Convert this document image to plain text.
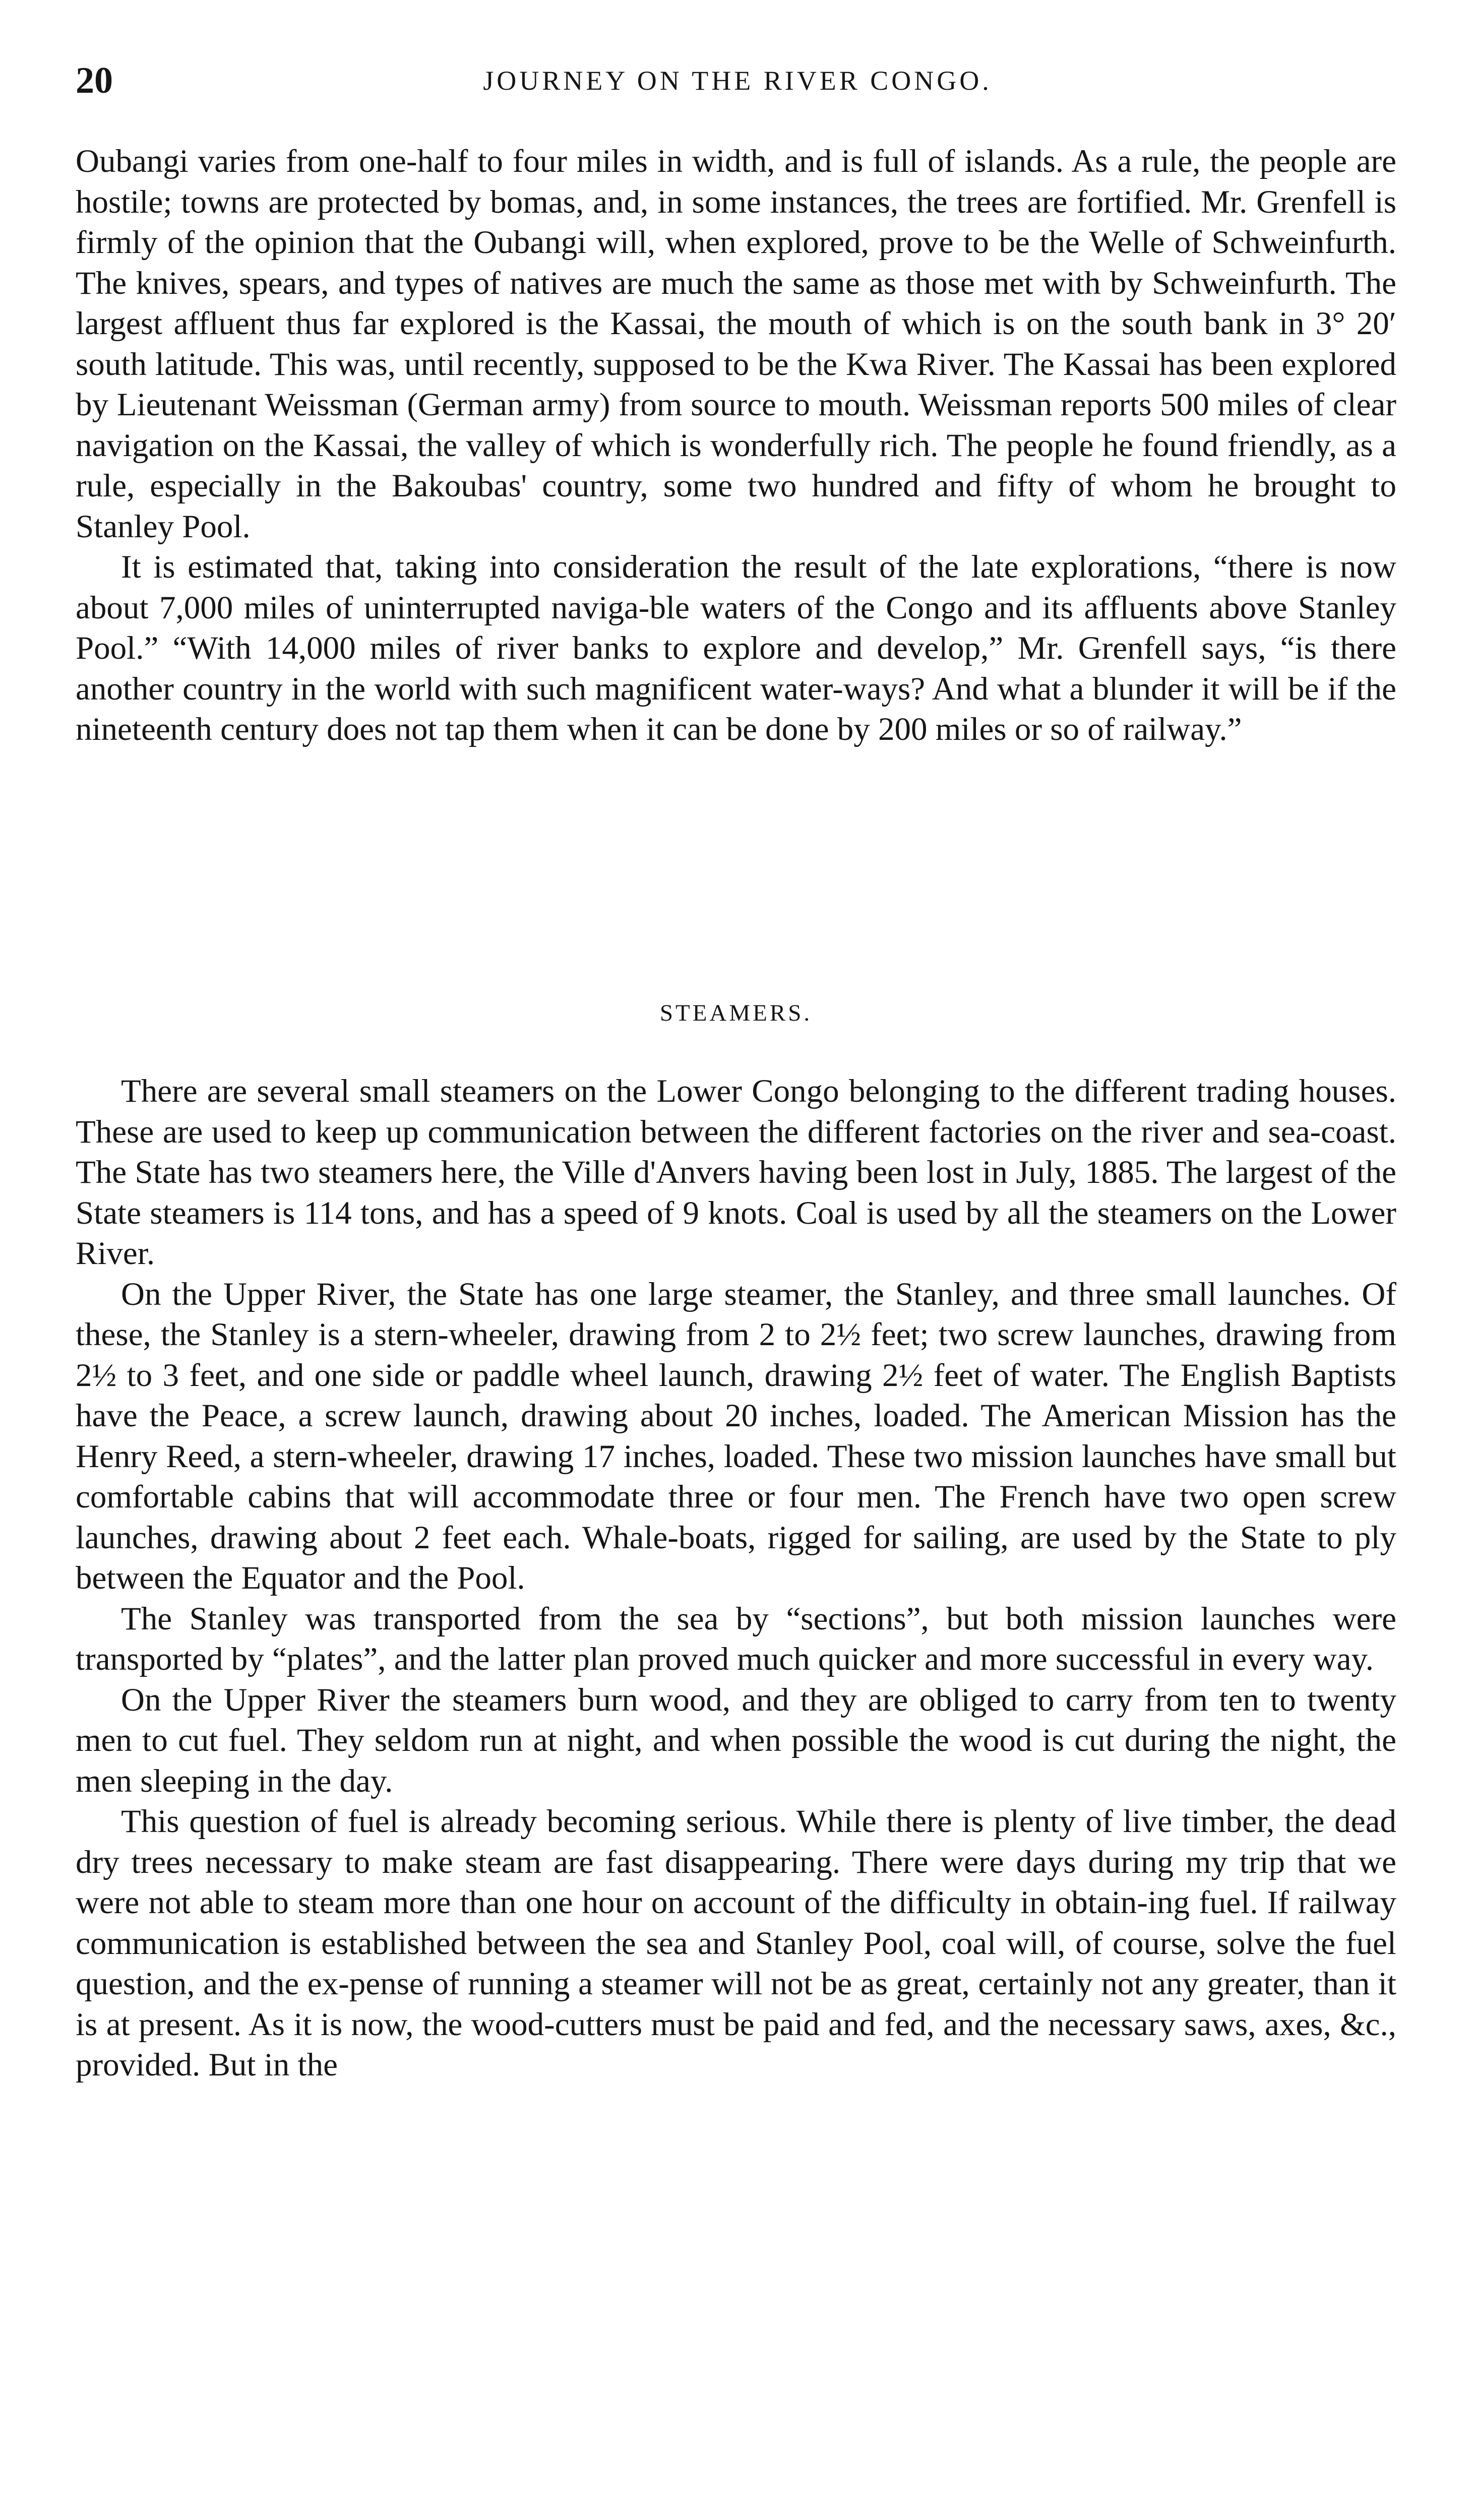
20	JOURNEY ON THE RIVER CONGO.

Oubangi varies from one-half to four miles in width, and is full of islands. As a rule, the people are hostile; towns are protected by bomas, and, in some instances, the trees are fortified. Mr. Grenfell is firmly of the opinion that the Oubangi will, when explored, prove to be the Welle of Schweinfurth. The knives, spears, and types of natives are much the same as those met with by Schweinfurth. The largest affluent thus far explored is the Kassai, the mouth of which is on the south bank in 3° 20′ south latitude. This was, until recently, supposed to be the Kwa River. The Kassai has been explored by Lieutenant Weissman (German army) from source to mouth. Weissman reports 500 miles of clear navigation on the Kassai, the valley of which is wonderfully rich. The people he found friendly, as a rule, especially in the Bakoubas' country, some two hundred and fifty of whom he brought to Stanley Pool.

It is estimated that, taking into consideration the result of the late explorations, “there is now about 7,000 miles of uninterrupted naviga-ble waters of the Congo and its affluents above Stanley Pool.” “With 14,000 miles of river banks to explore and develop,” Mr. Grenfell says, “is there another country in the world with such magnificent water-ways? And what a blunder it will be if the nineteenth century does not tap them when it can be done by 200 miles or so of railway.”

STEAMERS.

There are several small steamers on the Lower Congo belonging to the different trading houses. These are used to keep up communication between the different factories on the river and sea-coast. The State has two steamers here, the Ville d'Anvers having been lost in July, 1885. The largest of the State steamers is 114 tons, and has a speed of 9 knots. Coal is used by all the steamers on the Lower River.

On the Upper River, the State has one large steamer, the Stanley, and three small launches. Of these, the Stanley is a stern-wheeler, drawing from 2 to 2½ feet; two screw launches, drawing from 2½ to 3 feet, and one side or paddle wheel launch, drawing 2½ feet of water. The English Baptists have the Peace, a screw launch, drawing about 20 inches, loaded. The American Mission has the Henry Reed, a stern-wheeler, drawing 17 inches, loaded. These two mission launches have small but comfortable cabins that will accommodate three or four men. The French have two open screw launches, drawing about 2 feet each. Whale-boats, rigged for sailing, are used by the State to ply between the Equator and the Pool.

The Stanley was transported from the sea by “sections”, but both mission launches were transported by “plates”, and the latter plan proved much quicker and more successful in every way.

On the Upper River the steamers burn wood, and they are obliged to carry from ten to twenty men to cut fuel. They seldom run at night, and when possible the wood is cut during the night, the men sleeping in the day.

This question of fuel is already becoming serious. While there is plenty of live timber, the dead dry trees necessary to make steam are fast disappearing. There were days during my trip that we were not able to steam more than one hour on account of the difficulty in obtain-ing fuel. If railway communication is established between the sea and Stanley Pool, coal will, of course, solve the fuel question, and the ex-pense of running a steamer will not be as great, certainly not any greater, than it is at present. As it is now, the wood-cutters must be paid and fed, and the necessary saws, axes, &c., provided. But in the
